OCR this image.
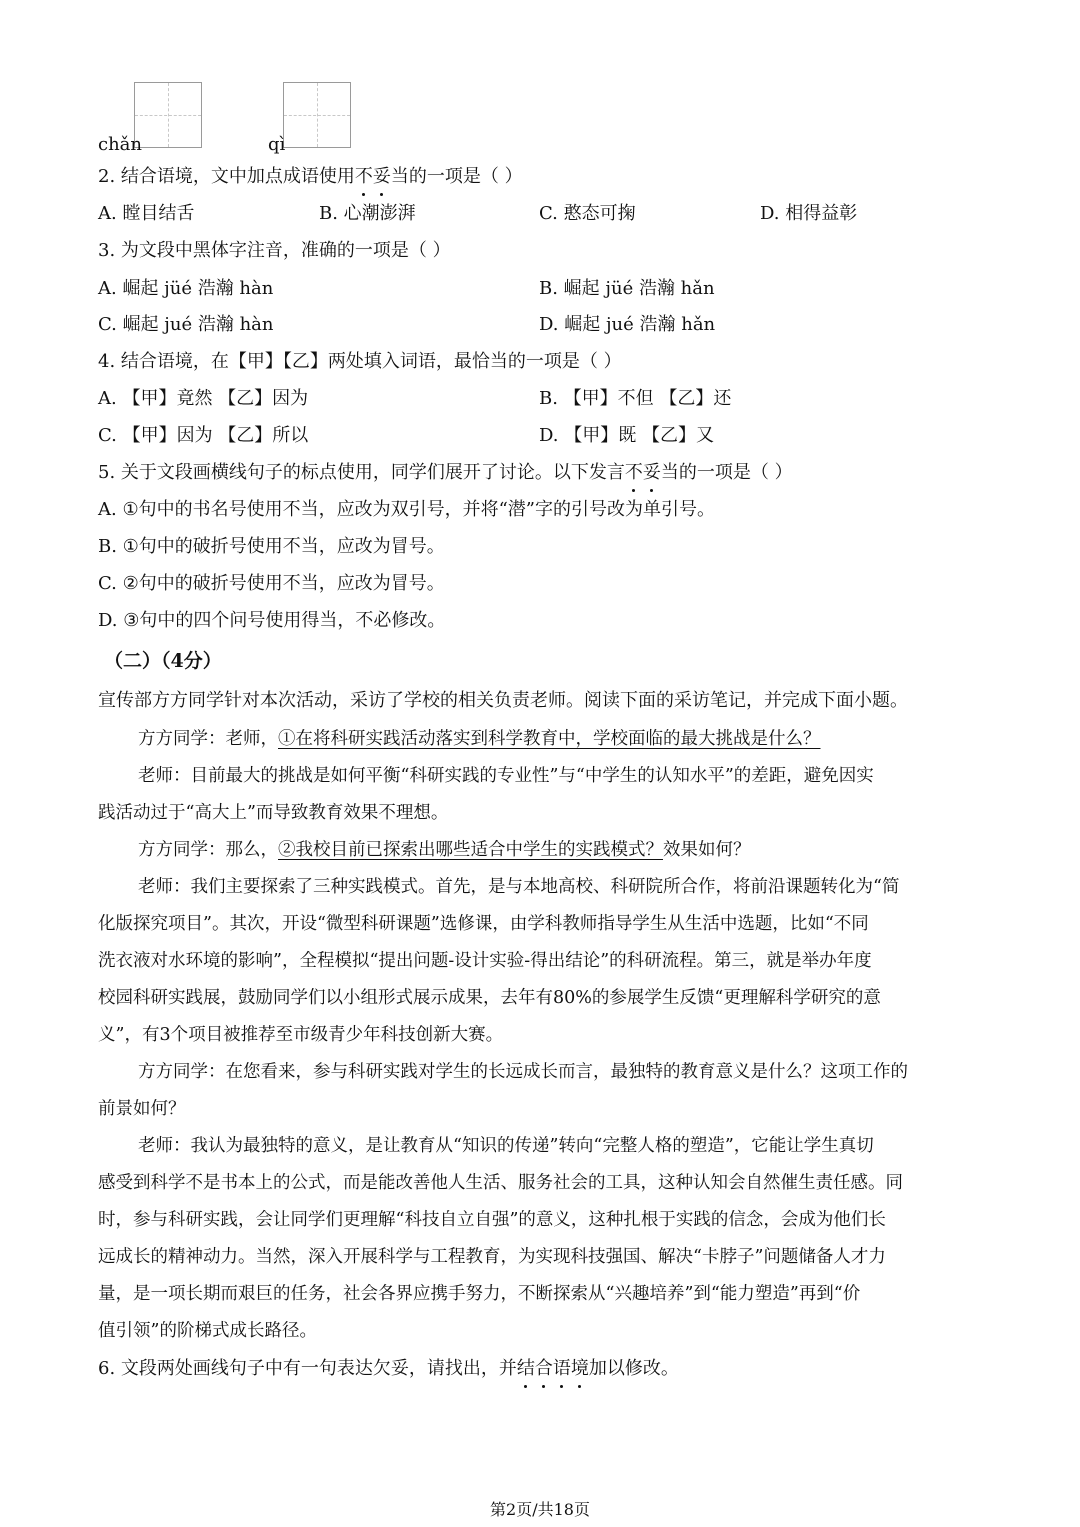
chǎn	qì
2. 结合语境，文中加点成语使用不妥当的一项是（ ）
A. 瞠目结舌	B. 心潮澎湃	C. 憨态可掬	D. 相得益彰
3. 为文段中黑体字注音，准确的一项是（ ）
A. 崛起 jüé 浩瀚 hàn	B. 崛起 jüé 浩瀚 hǎn
C. 崛起 jué 浩瀚 hàn	D. 崛起 jué 浩瀚 hǎn
4. 结合语境，在【甲】【乙】两处填入词语，最恰当的一项是（ ）
A. 【甲】竟然 【乙】因为	B. 【甲】不但 【乙】还
C. 【甲】因为 【乙】所以	D. 【甲】既 【乙】又
5. 关于文段画横线句子的标点使用，同学们展开了讨论。以下发言不妥当的一项是（ ）
A. ①句中的书名号使用不当，应改为双引号，并将“潜”字的引号改为单引号。
B. ①句中的破折号使用不当，应改为冒号。
C. ②句中的破折号使用不当，应改为冒号。
D. ③句中的四个问号使用得当，不必修改。
（二）（4分）
宣传部方方同学针对本次活动，采访了学校的相关负责老师。阅读下面的采访笔记，并完成下面小题。
方方同学：老师，①在将科研实践活动落实到科学教育中，学校面临的最大挑战是什么？
老师：目前最大的挑战是如何平衡“科研实践的专业性”与“中学生的认知水平”的差距，避免因实
践活动过于“高大上”而导致教育效果不理想。
方方同学：那么，②我校目前已探索出哪些适合中学生的实践模式？效果如何？
老师：我们主要探索了三种实践模式。首先，是与本地高校、科研院所合作，将前沿课题转化为“简
化版探究项目”。其次，开设“微型科研课题”选修课，由学科教师指导学生从生活中选题，比如“不同
洗衣液对水环境的影响”，全程模拟“提出问题-设计实验-得出结论”的科研流程。第三，就是举办年度
校园科研实践展，鼓励同学们以小组形式展示成果，去年有80%的参展学生反馈“更理解科学研究的意
义”，有3个项目被推荐至市级青少年科技创新大赛。
方方同学：在您看来，参与科研实践对学生的长远成长而言，最独特的教育意义是什么？这项工作的
前景如何？
老师：我认为最独特的意义，是让教育从“知识的传递”转向“完整人格的塑造”，它能让学生真切
感受到科学不是书本上的公式，而是能改善他人生活、服务社会的工具，这种认知会自然催生责任感。同
时，参与科研实践，会让同学们更理解“科技自立自强”的意义，这种扎根于实践的信念，会成为他们长
远成长的精神动力。当然，深入开展科学与工程教育，为实现科技强国、解决“卡脖子”问题储备人才力
量，是一项长期而艰巨的任务，社会各界应携手努力，不断探索从“兴趣培养”到“能力塑造”再到“价
值引领”的阶梯式成长路径。
6. 文段两处画线句子中有一句表达欠妥，请找出，并结合语境加以修改。
第2页/共18页
